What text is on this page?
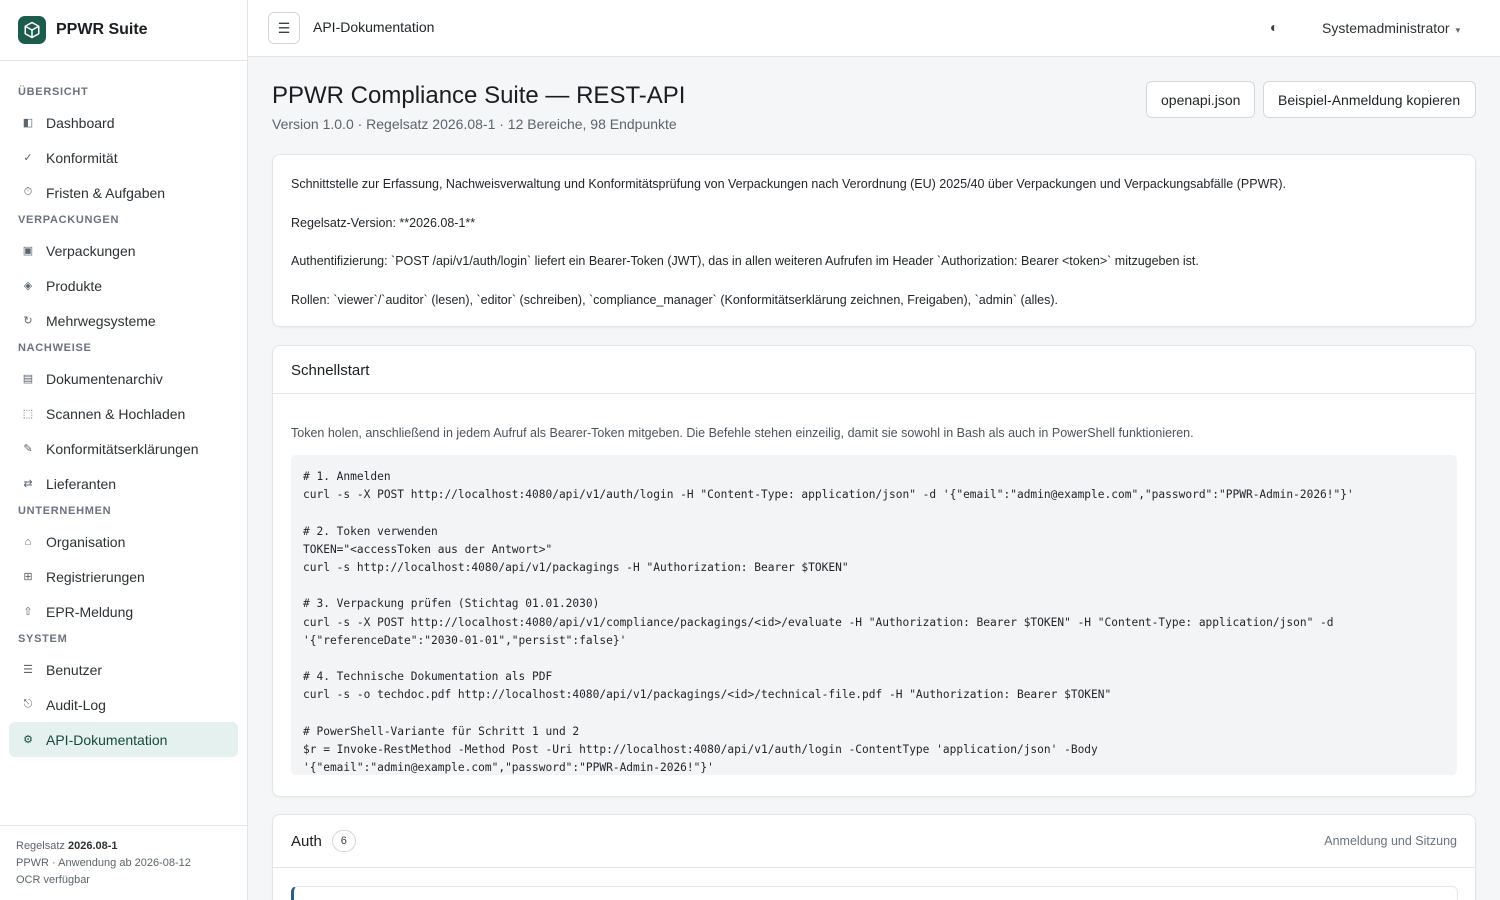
PPWR Suite
ÜBERSICHT
◧ Dashboard
✓ Konformität
⏱ Fristen & Aufgaben
VERPACKUNGEN
▣ Verpackungen
◈ Produkte
↻ Mehrwegsysteme
NACHWEISE
▤ Dokumentenarchiv
⬚ Scannen & Hochladen
✎ Konformitätserklärungen
⇄ Lieferanten
UNTERNEHMEN
⌂	Organisation
⊞ Registrierungen
⇧ EPR-Meldung
SYSTEM
☰ Benutzer
⎋ Audit-Log
⚙ API-Dokumentation
Regelsatz 2026.08-1
PPWR · Anwendung ab 2026-08-12
OCR verfügbar
☰ API-Dokumentation	◐	Systemadministrator ▾
PPWR Compliance Suite — REST-API
Version 1.0.0 · Regelsatz 2026.08-1 · 12 Bereiche, 98 Endpunkte
openapi.json	Beispiel-Anmeldung kopieren

Schnittstelle zur Erfassung, Nachweisverwaltung und Konformitätsprüfung von Verpackungen nach Verordnung (EU) 2025/40 über Verpackungen und Verpackungsabfälle (PPWR).

Regelsatz-Version: **2026.08-1**

Authentifizierung: `POST /api/v1/auth/login` liefert ein Bearer-Token (JWT), das in allen weiteren Aufrufen im Header `Authorization: Bearer <token>` mitzugeben ist.

Rollen: `viewer`/`auditor` (lesen), `editor` (schreiben), `compliance_manager` (Konformitätserklärung zeichnen, Freigaben), `admin` (alles).

Schnellstart
Token holen, anschließend in jedem Aufruf als Bearer-Token mitgeben. Die Befehle stehen einzeilig, damit sie sowohl in Bash als auch in PowerShell funktionieren.
# 1. Anmelden
curl -s -X POST http://localhost:4080/api/v1/auth/login -H "Content-Type: application/json" -d '{"email":"admin@example.com","password":"PPWR-Admin-2026!"}'

# 2. Token verwenden
TOKEN="<accessToken aus der Antwort>"
curl -s http://localhost:4080/api/v1/packagings -H "Authorization: Bearer $TOKEN"

# 3. Verpackung prüfen (Stichtag 01.01.2030)
curl -s -X POST http://localhost:4080/api/v1/compliance/packagings/<id>/evaluate -H "Authorization: Bearer $TOKEN" -H "Content-Type: application/json" -d
'{"referenceDate":"2030-01-01","persist":false}'

# 4. Technische Dokumentation als PDF
curl -s -o techdoc.pdf http://localhost:4080/api/v1/packagings/<id>/technical-file.pdf -H "Authorization: Bearer $TOKEN"

# PowerShell-Variante für Schritt 1 und 2
$r = Invoke-RestMethod -Method Post -Uri http://localhost:4080/api/v1/auth/login -ContentType 'application/json' -Body
'{"email":"admin@example.com","password":"PPWR-Admin-2026!"}'
Auth	6	Anmeldung und Sitzung
